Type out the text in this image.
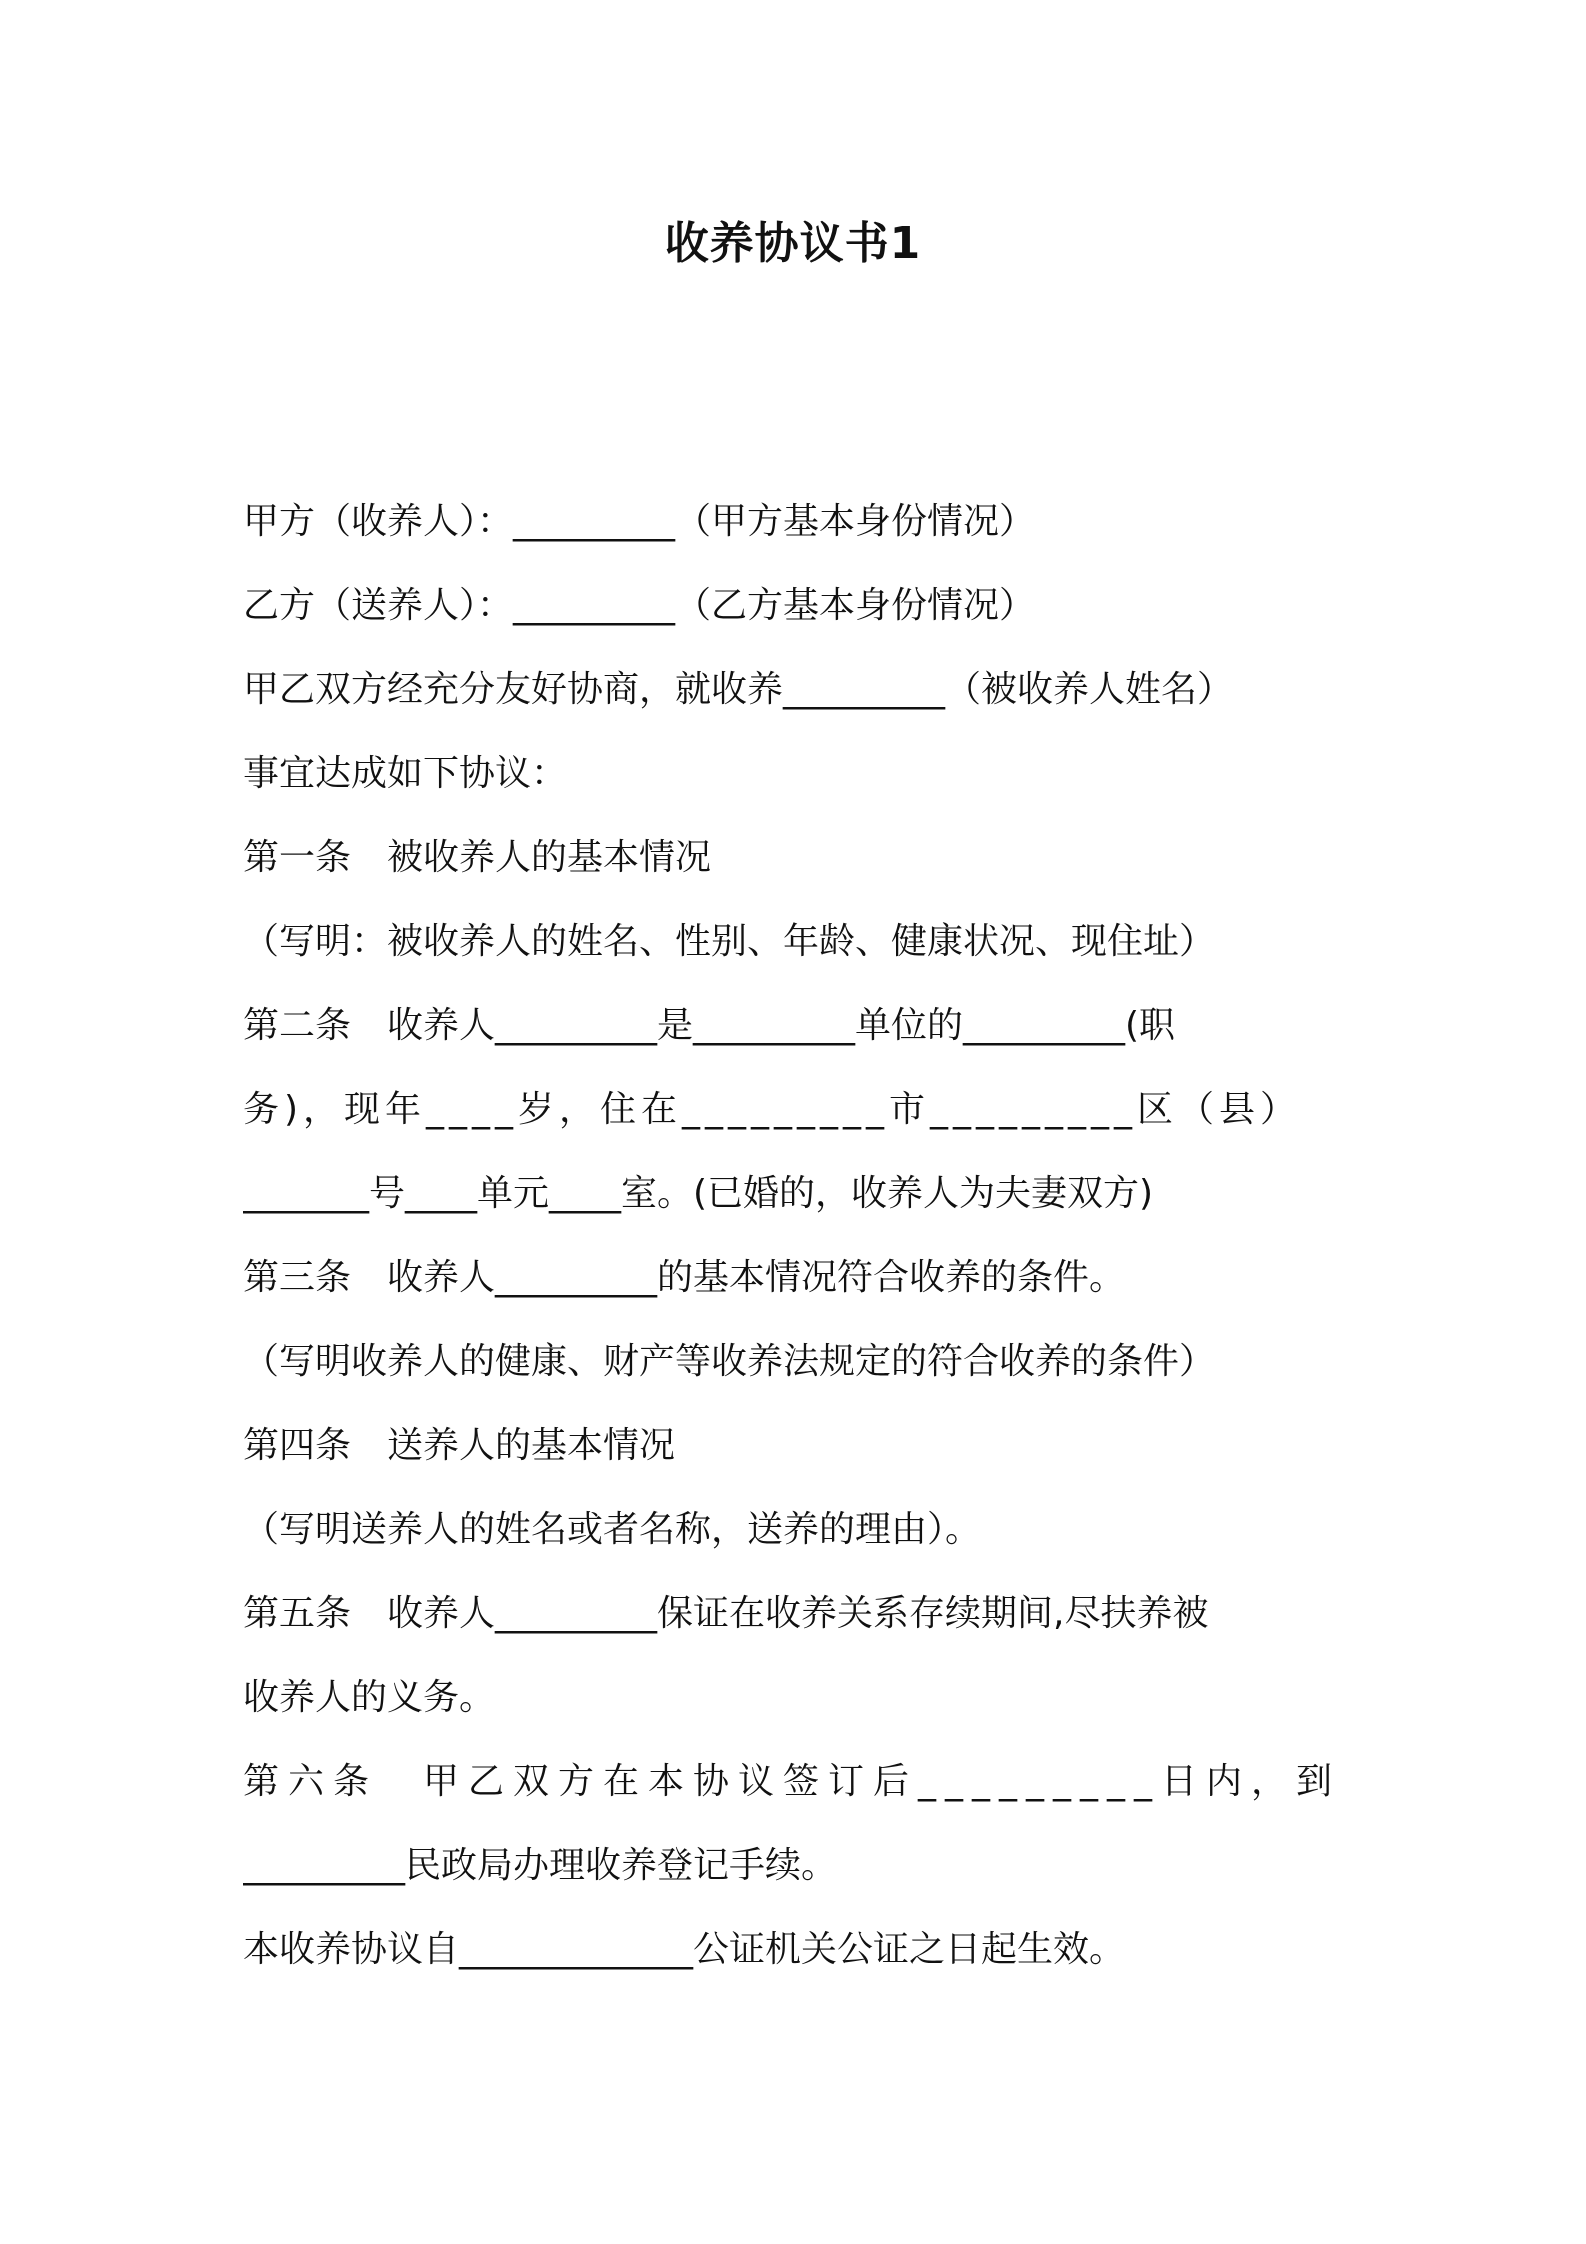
收养协议书1
甲方（收养人）：_________（甲方基本身份情况）
乙方（送养人）：_________（乙方基本身份情况）
甲乙双方经充分友好协商，就收养_________（被收养人姓名）
事宜达成如下协议：
第一条　被收养人的基本情况
（写明：被收养人的姓名、性别、年龄、健康状况、现住址）
第二条　收养人_________是_________单位的_________(职
务)，现年____岁，住在_________市_________区（县）
_______号____单元____室。(已婚的，收养人为夫妻双方)
第三条　收养人_________的基本情况符合收养的条件。
（写明收养人的健康、财产等收养法规定的符合收养的条件）
第四条　送养人的基本情况
（写明送养人的姓名或者名称，送养的理由）。
第五条　收养人_________保证在收养关系存续期间,尽扶养被
收养人的义务。
第六条　甲乙双方在本协议签订后_________日内，到
_________民政局办理收养登记手续。
本收养协议自_____________公证机关公证之日起生效。
